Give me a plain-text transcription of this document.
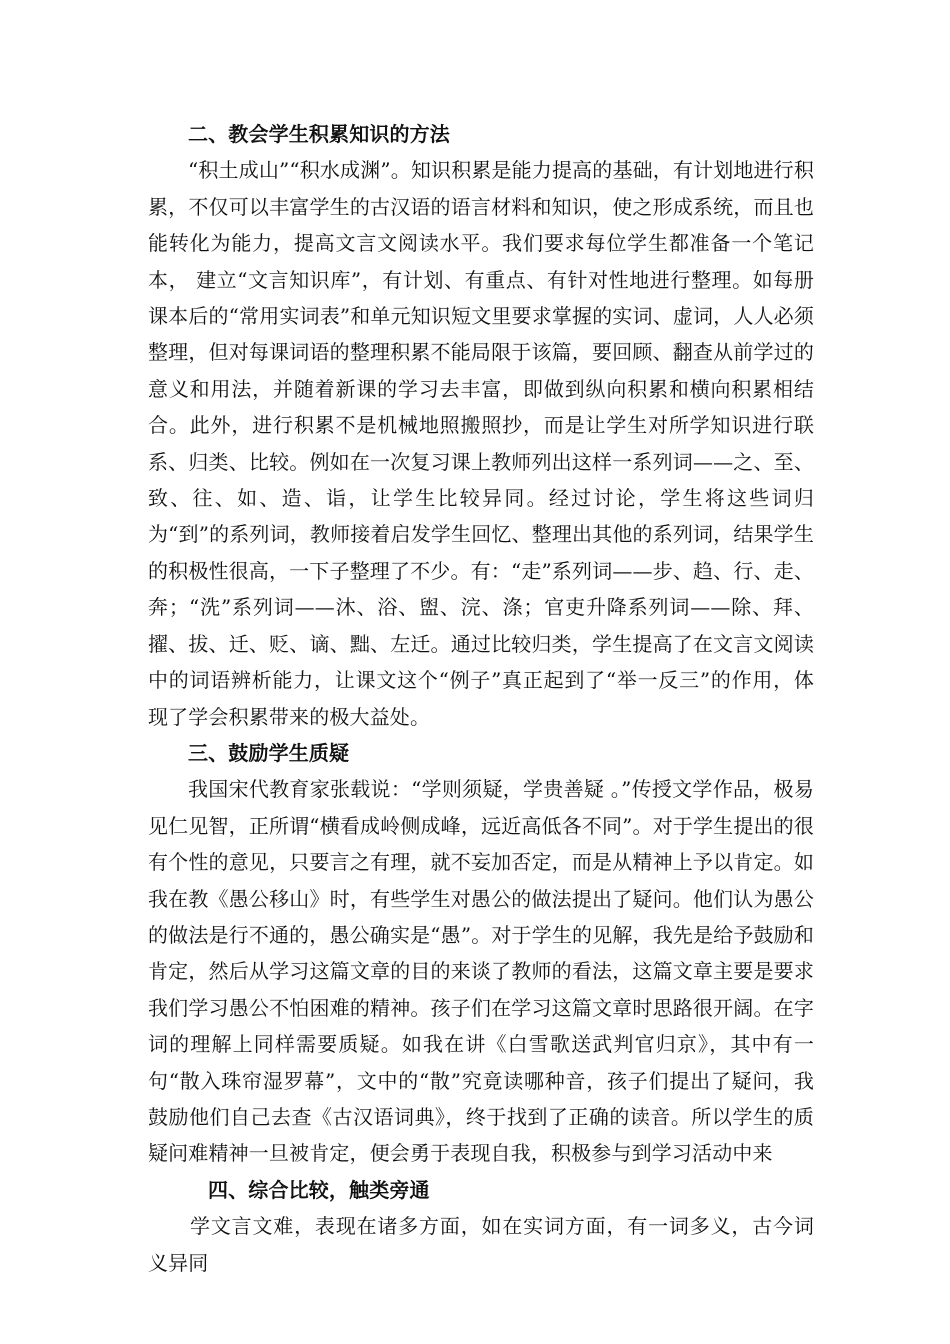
二、教会学生积累知识的方法

“积土成山”“积水成渊”。知识积累是能力提高的基础，有计划地进行积累，不仅可以丰富学生的古汉语的语言材料和知识，使之形成系统，而且也能转化为能力，提高文言文阅读水平。我们要求每位学生都准备一个笔记本， 建立“文言知识库”，有计划、有重点、有针对性地进行整理。如每册课本后的“常用实词表”和单元知识短文里要求掌握的实词、虚词，人人必须整理，但对每课词语的整理积累不能局限于该篇，要回顾、翻查从前学过的意义和用法，并随着新课的学习去丰富，即做到纵向积累和横向积累相结合。此外，进行积累不是机械地照搬照抄，而是让学生对所学知识进行联系、归类、比较。例如在一次复习课上教师列出这样一系列词——之、至、致、往、如、造、诣，让学生比较异同。经过讨论，学生将这些词归为“到”的系列词，教师接着启发学生回忆、整理出其他的系列词，结果学生的积极性很高，一下子整理了不少。有：“走”系列词——步、趋、行、走、奔；“洗”系列词——沐、浴、盥、浣、涤；官吏升降系列词——除、拜、擢、拔、迁、贬、谪、黜、左迁。通过比较归类，学生提高了在文言文阅读中的词语辨析能力，让课文这个“例子”真正起到了“举一反三”的作用，体现了学会积累带来的极大益处。

三、鼓励学生质疑

我国宋代教育家张载说：“学则须疑，学贵善疑 。”传授文学作品，极易见仁见智，正所谓“横看成岭侧成峰，远近高低各不同”。对于学生提出的很有个性的意见，只要言之有理，就不妄加否定，而是从精神上予以肯定。如我在教《愚公移山》时，有些学生对愚公的做法提出了疑问。他们认为愚公的做法是行不通的，愚公确实是“愚”。对于学生的见解，我先是给予鼓励和肯定，然后从学习这篇文章的目的来谈了教师的看法，这篇文章主要是要求我们学习愚公不怕困难的精神。孩子们在学习这篇文章时思路很开阔。在字词的理解上同样需要质疑。如我在讲《白雪歌送武判官归京》，其中有一句“散入珠帘湿罗幕”，文中的“散”究竟读哪种音，孩子们提出了疑问，我鼓励他们自己去查《古汉语词典》，终于找到了正确的读音。所以学生的质疑问难精神一旦被肯定，便会勇于表现自我，积极参与到学习活动中来

四、综合比较，触类旁通

学文言文难，表现在诸多方面，如在实词方面，有一词多义，古今词义异同
